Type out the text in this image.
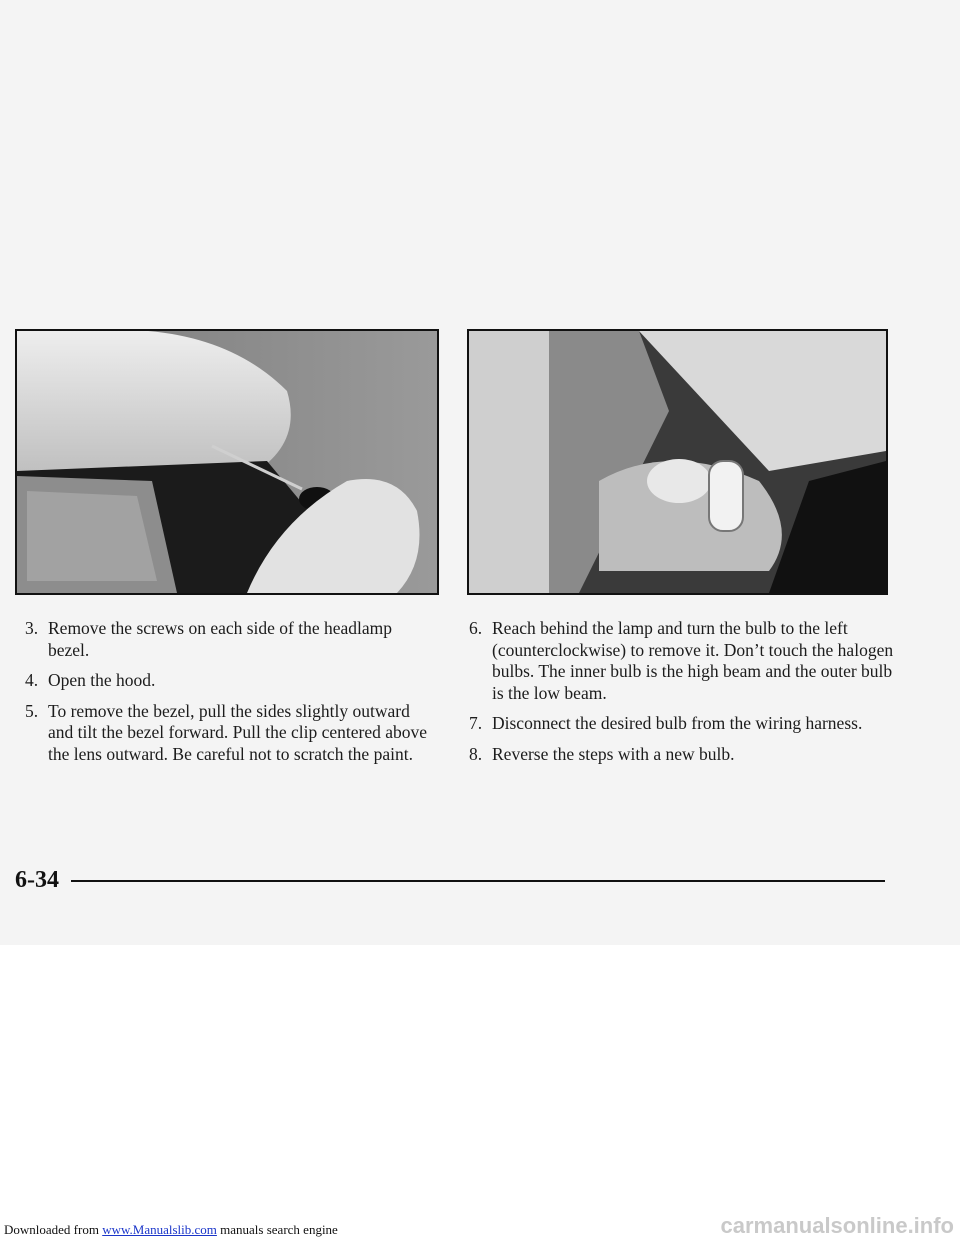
3. Remove the screws on each side of the headlamp bezel.
4. Open the hood.
5. To remove the bezel, pull the sides slightly outward and tilt the bezel forward. Pull the clip centered above the lens outward. Be careful not to scratch the paint.
6. Reach behind the lamp and turn the bulb to the left (counterclockwise) to remove it. Don’t touch the halogen bulbs. The inner bulb is the high beam and the outer bulb is the low beam.
7. Disconnect the desired bulb from the wiring harness.
8. Reverse the steps with a new bulb.
6-34
Downloaded from www.Manualslib.com manuals search engine	carmanualsonline.info
